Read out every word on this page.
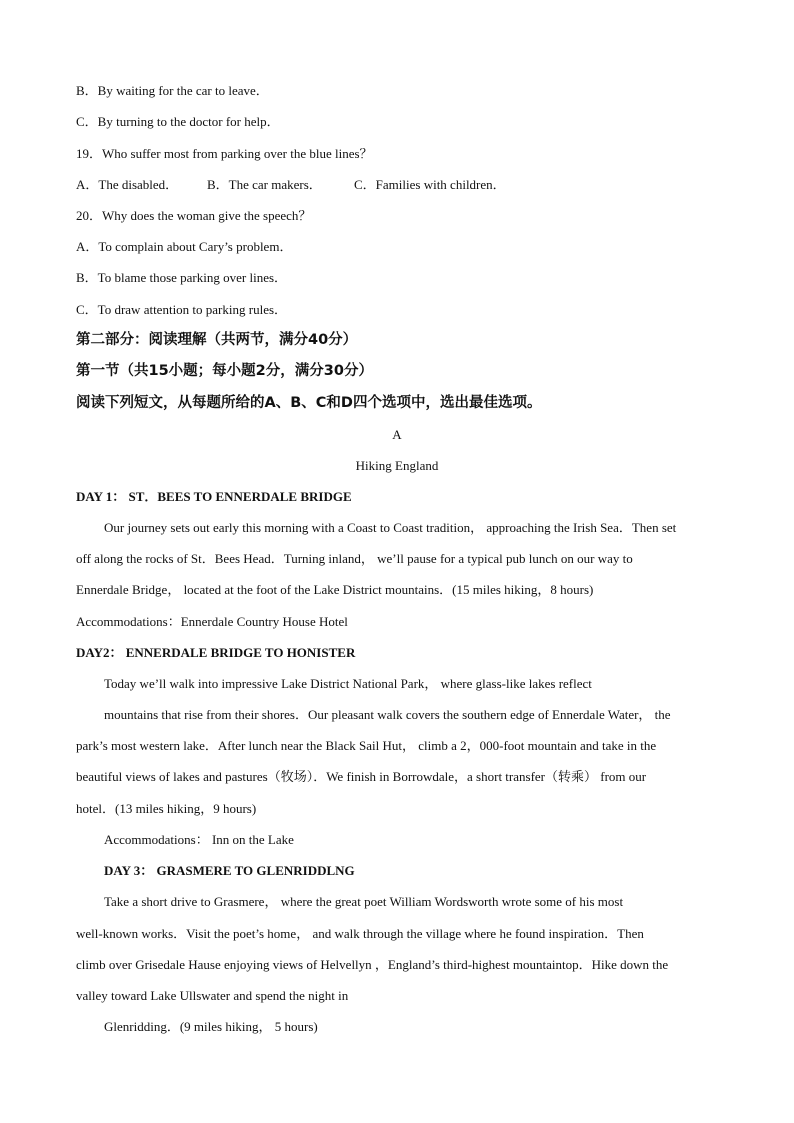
B．By waiting for the car to leave．
C．By turning to the doctor for help．
19．Who suffer most from parking over the blue lines？
A．The disabled． B．The car makers． C．Families with children．
20．Why does the woman give the speech？
A．To complain about Cary’s problem．
B．To blame those parking over lines．
C．To draw attention to parking rules．
第二部分：阅读理解（共两节，满分40分）
第一节（共15小题；每小题2分，满分30分）
阅读下列短文，从每题所给的A、B、C和D四个选项中，选出最佳选项。
A
Hiking England
DAY 1： ST．BEES TO ENNERDALE BRIDGE
Our journey sets out early this morning with a Coast to Coast tradition， approaching the Irish Sea．Then set
off along the rocks of St．Bees Head．Turning inland， we’ll pause for a typical pub lunch on our way to
Ennerdale Bridge， located at the foot of the Lake District mountains．(15 miles hiking，8 hours)
Accommodations：Ennerdale Country House Hotel
DAY2： ENNERDALE BRIDGE TO HONISTER
Today we’ll walk into impressive Lake District National Park， where glass-like lakes reflect
mountains that rise from their shores．Our pleasant walk covers the southern edge of Ennerdale Water， the
park’s most western lake．After lunch near the Black Sail Hut， climb a 2，000-foot mountain and take in the
beautiful views of lakes and pastures（牧场）．We finish in Borrowdale，a short transfer（转乘） from our
hotel．(13 miles hiking，9 hours)
Accommodations： Inn on the Lake
DAY 3： GRASMERE TO GLENRIDDLNG
Take a short drive to Grasmere， where the great poet William Wordsworth wrote some of his most
well-known works．Visit the poet’s home， and walk through the village where he found inspiration．Then
climb over Grisedale Hause enjoying views of Helvellyn ，England’s third-highest mountaintop．Hike down the
valley toward Lake Ullswater and spend the night in
Glenridding．(9 miles hiking， 5 hours)
